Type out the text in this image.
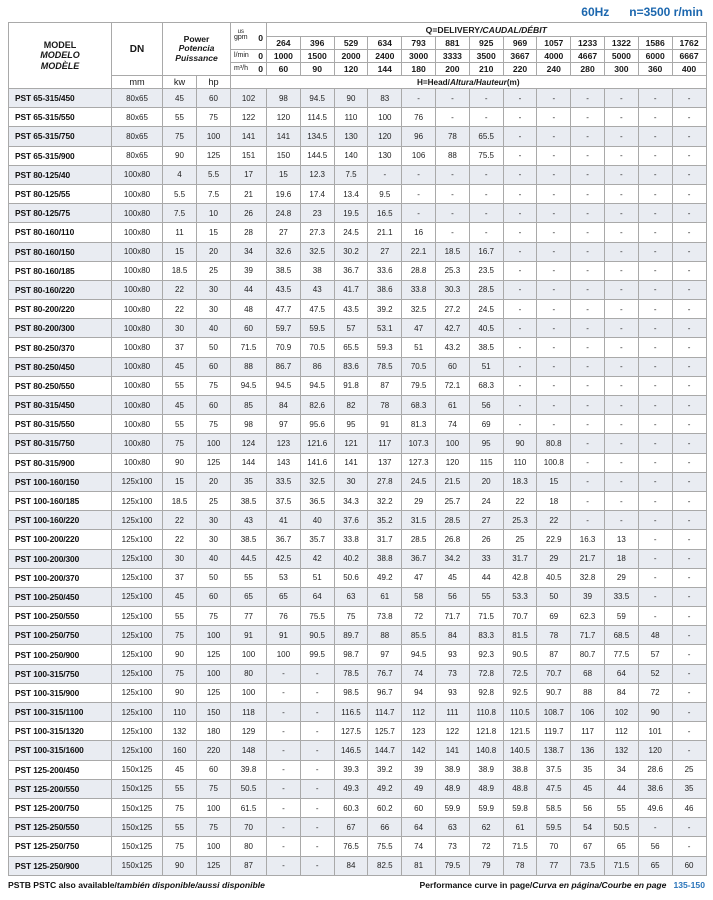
60Hz n=3500 r/min
MODEL
MODELO
MODÈLE
	DN	
Power
Potencia
Puissance

us
gpm 0
	Q=DELIVERY/CAUDAL/DÉBIT
					264	396	529	634	793	881	925	969	1057	1233	1322	1586	1762

				l/min 0	1000	1500	2000	2400	3000	3333	3500	3667	4000	4667	5000	6000	6667

				m³/h 0	60	90	120	144	180	200	210	220	240	280	300	360	400
	mm	kw	hp	H=Head/Altura/Hauteur(m)													
PST 65-315/450	80x65	45	60	102	98	94.5	90	83	-	-	-	-	-	-	-	-	-
PST 65-315/550	80x65	55	75	122	120	114.5	110	100	76	-	-	-	-	-	-	-	-
PST 65-315/750	80x65	75	100	141	141	134.5	130	120	96	78	65.5	-	-	-	-	-	-
PST 65-315/900	80x65	90	125	151	150	144.5	140	130	106	88	75.5	-	-	-	-	-	-
PST 80-125/40	100x80	4	5.5	17	15	12.3	7.5	-	-	-	-	-	-	-	-	-	-
PST 80-125/55	100x80	5.5	7.5	21	19.6	17.4	13.4	9.5	-	-	-	-	-	-	-	-	-
PST 80-125/75	100x80	7.5	10	26	24.8	23	19.5	16.5	-	-	-	-	-	-	-	-	-
PST 80-160/110	100x80	11	15	28	27	27.3	24.5	21.1	16	-	-	-	-	-	-	-	-
PST 80-160/150	100x80	15	20	34	32.6	32.5	30.2	27	22.1	18.5	16.7	-	-	-	-	-	-
PST 80-160/185	100x80	18.5	25	39	38.5	38	36.7	33.6	28.8	25.3	23.5	-	-	-	-	-	-
PST 80-160/220	100x80	22	30	44	43.5	43	41.7	38.6	33.8	30.3	28.5	-	-	-	-	-	-
PST 80-200/220	100x80	22	30	48	47.7	47.5	43.5	39.2	32.5	27.2	24.5	-	-	-	-	-	-
PST 80-200/300	100x80	30	40	60	59.7	59.5	57	53.1	47	42.7	40.5	-	-	-	-	-	-
PST 80-250/370	100x80	37	50	71.5	70.9	70.5	65.5	59.3	51	43.2	38.5	-	-	-	-	-	-
PST 80-250/450	100x80	45	60	88	86.7	86	83.6	78.5	70.5	60	51	-	-	-	-	-	-
PST 80-250/550	100x80	55	75	94.5	94.5	94.5	91.8	87	79.5	72.1	68.3	-	-	-	-	-	-
PST 80-315/450	100x80	45	60	85	84	82.6	82	78	68.3	61	56	-	-	-	-	-	-
PST 80-315/550	100x80	55	75	98	97	95.6	95	91	81.3	74	69	-	-	-	-	-	-
PST 80-315/750	100x80	75	100	124	123	121.6	121	117	107.3	100	95	90	80.8	-	-	-	-
PST 80-315/900	100x80	90	125	144	143	141.6	141	137	127.3	120	115	110	100.8	-	-	-	-
PST 100-160/150	125x100	15	20	35	33.5	32.5	30	27.8	24.5	21.5	20	18.3	15	-	-	-	-
PST 100-160/185	125x100	18.5	25	38.5	37.5	36.5	34.3	32.2	29	25.7	24	22	18	-	-	-	-
PST 100-160/220	125x100	22	30	43	41	40	37.6	35.2	31.5	28.5	27	25.3	22	-	-	-	-
PST 100-200/220	125x100	22	30	38.5	36.7	35.7	33.8	31.7	28.5	26.8	26	25	22.9	16.3	13	-	-
PST 100-200/300	125x100	30	40	44.5	42.5	42	40.2	38.8	36.7	34.2	33	31.7	29	21.7	18	-	-
PST 100-200/370	125x100	37	50	55	53	51	50.6	49.2	47	45	44	42.8	40.5	32.8	29	-	-
PST 100-250/450	125x100	45	60	65	65	64	63	61	58	56	55	53.3	50	39	33.5	-	-
PST 100-250/550	125x100	55	75	77	76	75.5	75	73.8	72	71.7	71.5	70.7	69	62.3	59	-	-
PST 100-250/750	125x100	75	100	91	91	90.5	89.7	88	85.5	84	83.3	81.5	78	71.7	68.5	48	-
PST 100-250/900	125x100	90	125	100	100	99.5	98.7	97	94.5	93	92.3	90.5	87	80.7	77.5	57	-
PST 100-315/750	125x100	75	100	80	-	-	78.5	76.7	74	73	72.8	72.5	70.7	68	64	52	-
PST 100-315/900	125x100	90	125	100	-	-	98.5	96.7	94	93	92.8	92.5	90.7	88	84	72	-
PST 100-315/1100	125x100	110	150	118	-	-	116.5	114.7	112	111	110.8	110.5	108.7	106	102	90	-
PST 100-315/1320	125x100	132	180	129	-	-	127.5	125.7	123	122	121.8	121.5	119.7	117	112	101	-
PST 100-315/1600	125x100	160	220	148	-	-	146.5	144.7	142	141	140.8	140.5	138.7	136	132	120	-
PST 125-200/450	150x125	45	60	39.8	-	-	39.3	39.2	39	38.9	38.9	38.8	37.5	35	34	28.6	25
PST 125-200/550	150x125	55	75	50.5	-	-	49.3	49.2	49	48.9	48.9	48.8	47.5	45	44	38.6	35
PST 125-200/750	150x125	75	100	61.5	-	-	60.3	60.2	60	59.9	59.9	59.8	58.5	56	55	49.6	46
PST 125-250/550	150x125	55	75	70	-	-	67	66	64	63	62	61	59.5	54	50.5	-	-
PST 125-250/750	150x125	75	100	80	-	-	76.5	75.5	74	73	72	71.5	70	67	65	56	-
PST 125-250/900	150x125	90	125	87	-	-	84	82.5	81	79.5	79	78	77	73.5	71.5	65	60
PSTB PSTC also available/también disponible/aussi disponible	Performance curve in page/ Curva en página/Courbe en page 135-150
